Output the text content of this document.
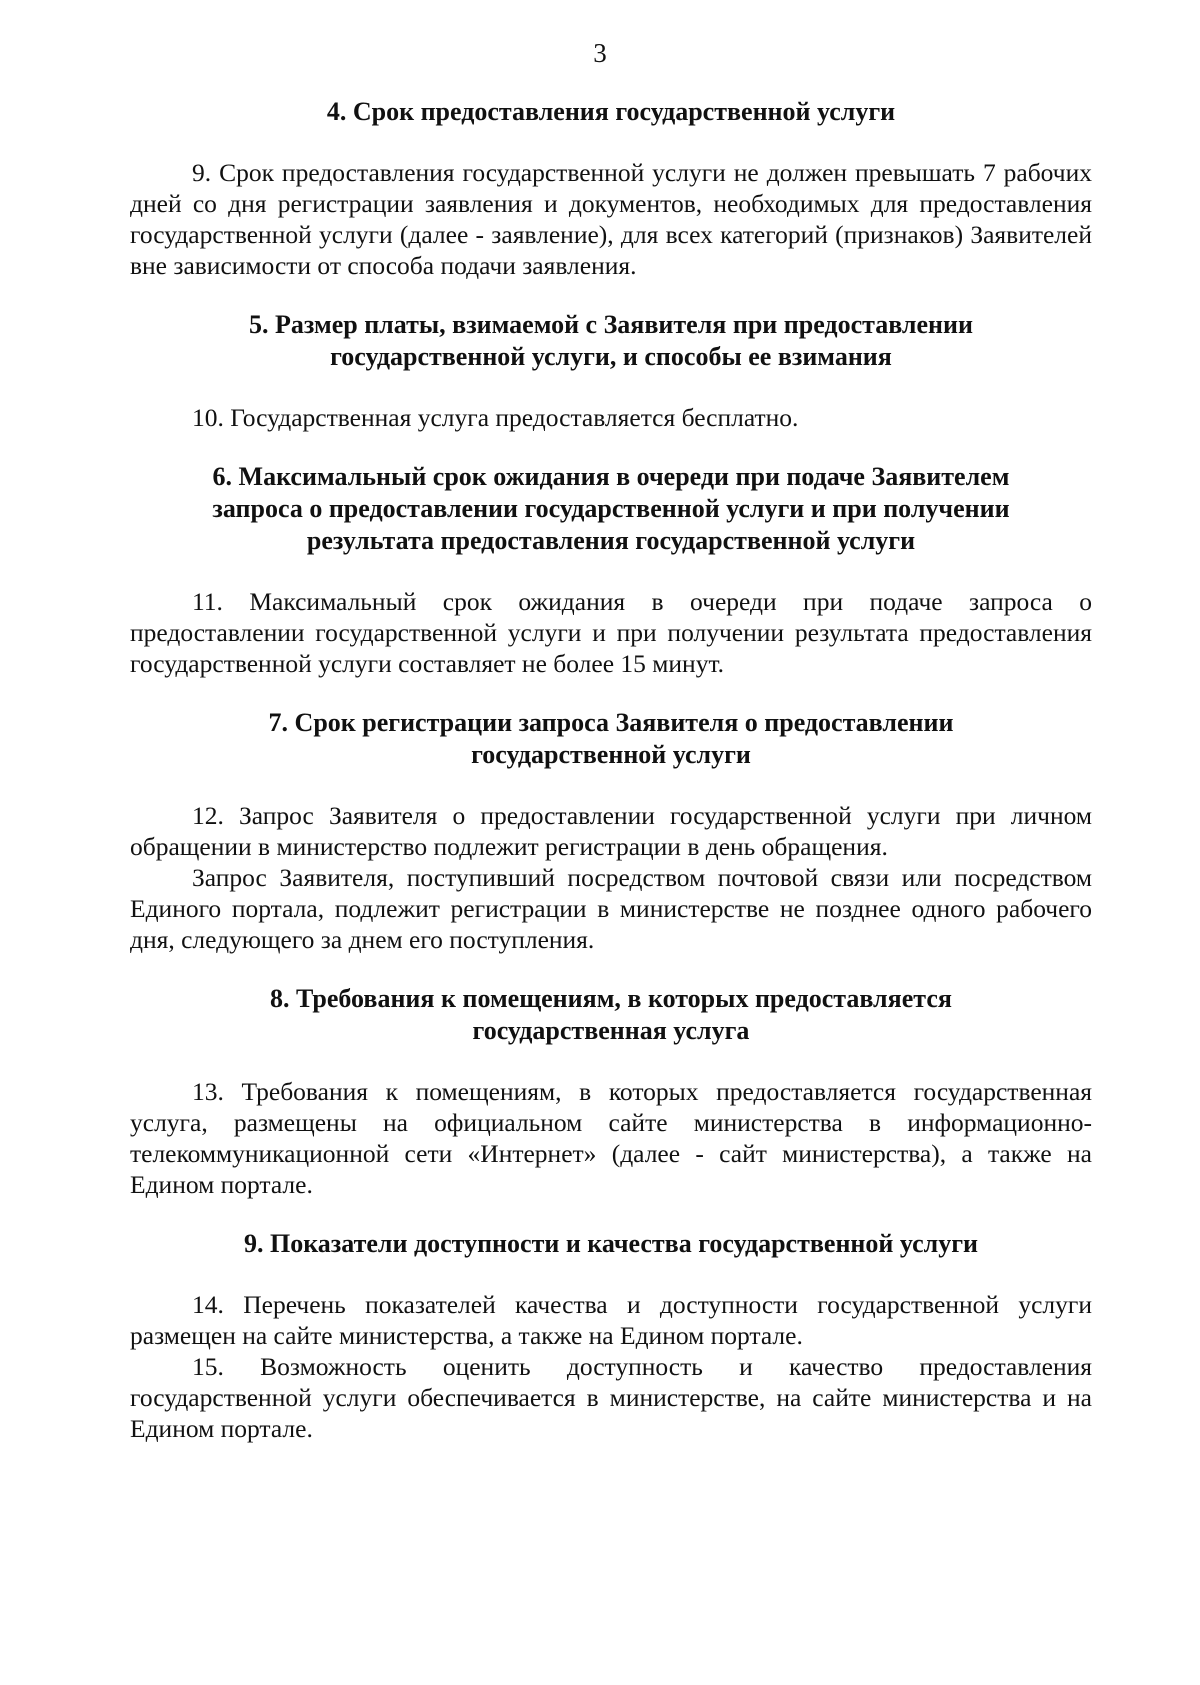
3
4. Срок предоставления государственной услуги

9. Срок предоставления государственной услуги не должен превышать 7 рабочих дней со дня регистрации заявления и документов, необходимых для предоставления государственной услуги (далее - заявление), для всех категорий (признаков) Заявителей вне зависимости от способа подачи заявления.

5. Размер платы, взимаемой с Заявителя при предоставлении
государственной услуги, и способы ее взимания

10. Государственная услуга предоставляется бесплатно.

6. Максимальный срок ожидания в очереди при подаче Заявителем
запроса о предоставлении государственной услуги и при получении
результата предоставления государственной услуги

11. Максимальный срок ожидания в очереди при подаче запроса о предоставлении государственной услуги и при получении результата предоставления государственной услуги составляет не более 15 минут.

7. Срок регистрации запроса Заявителя о предоставлении
государственной услуги

12. Запрос Заявителя о предоставлении государственной услуги при личном обращении в министерство подлежит регистрации в день обращения.

Запрос Заявителя, поступивший посредством почтовой связи или посредством Единого портала, подлежит регистрации в министерстве не позднее одного рабочего дня, следующего за днем его поступления.

8. Требования к помещениям, в которых предоставляется
государственная услуга

13. Требования к помещениям, в которых предоставляется государственная услуга, размещены на официальном сайте министерства в информационно-телекоммуникационной сети «Интернет» (далее - сайт министерства), а также на Едином портале.

9. Показатели доступности и качества государственной услуги

14. Перечень показателей качества и доступности государственной услуги размещен на сайте министерства, а также на Едином портале.

15. Возможность оценить доступность и качество предоставления государственной услуги обеспечивается в министерстве, на сайте министерства и на Едином портале.
